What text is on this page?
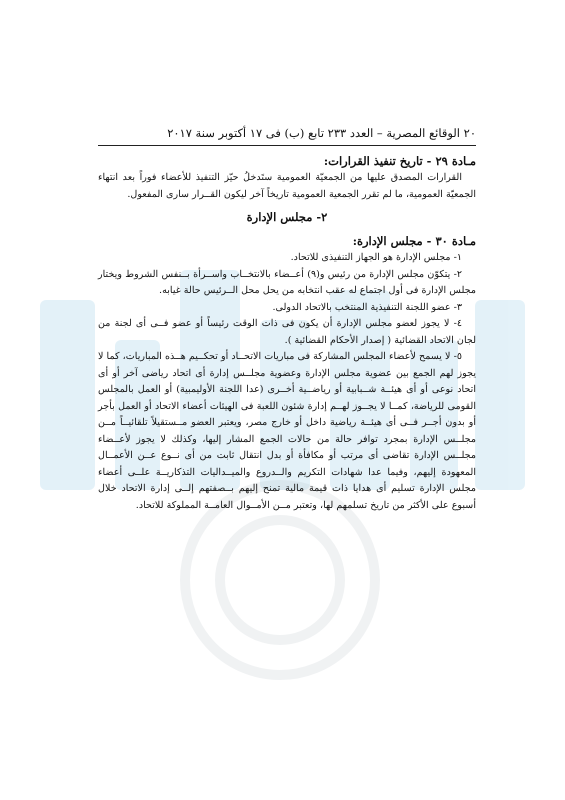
٢٠ الوقائع المصرية – العدد ٢٣٣ تابع (ب) فى ١٧ أكتوبر سنة ٢٠١٧
مـادة ٢٩ - تاريخ تنفيذ القرارات:

القرارات المصدق عليها من الجمعيّة العمومية ستَدخلُ حيّز التنفيذ للأعضاء فوراً بعد انتهاء الجمعيّة العمومية، ما لم تقرر الجمعية العمومية تاريخاً آخر ليكون القــرار سارى المفعول.

٢- مجلس الإدارة
مـادة ٣٠ - مجلس الإدارة:

١- مجلس الإدارة هو الجهاز التنفيذى للاتحاد.

٢- يتكوّن مجلس الإدارة من رئيس و(٩) أعــضاء بالانتخــاب واســرأة بــنفس الشروط ويختار مجلس الإدارة فى أول اجتماع له عقب انتخابه من يحل محل الــرئيس حالة غيابه.

٣- عضو اللجنة التنفيذية المنتخب بالاتحاد الدولى.

٤- لا يجوز لعضو مجلس الإدارة أن يكون فى ذات الوقت رئيساً أو عضو فــى أى لجنة من لجان الاتحاد القضائية ( إصدار الأحكام القضائية ).

٥- لا يسمح لأعضاء المجلس المشاركة فى مباريات الاتحــاد أو تحكــيم هــذه المباريات، كما لا يجوز لهم الجمع بين عضوية مجلس الإدارة وعضوية مجلــس إدارة أى اتحاد رياضى آخر أو أى اتحاد نوعى أو أى هيئــة شــبابية أو رياضــية أخــرى (عدا اللجنة الأوليمبية) أو العمل بالمجلس القومى للرياضة، كمــا لا يجــوز لهــم إدارة شئون اللعبة فى الهيئات أعضاء الاتحاد أو العمل بأجر أو بدون أجــر فــى أى هيئــة رياضية داخل أو خارج مصر، ويعتبر العضو مــستقيلاً تلقائيــاً مــن مجلــس الإدارة بمجرد توافر حالة من حالات الجمع المشار إليها، وكذلك لا يجوز لأعــضاء مجلــس الإدارة تقاضى أى مرتب أو مكافأة أو بدل انتقال ثابت من أى نــوع عــن الأعمــال المعهودة إليهم، وفيما عدا شهادات التكريم والــدروع والميــداليات التذكاريــة علــى أعضاء مجلس الإدارة تسليم أى هدايا ذات قيمة مالية تمنح إليهم بــصفتهم إلــى إدارة الاتحاد خلال أسبوع على الأكثر من تاريخ تسلمهم لها، وتعتبر مــن الأمــوال العامــة المملوكة للاتحاد.
